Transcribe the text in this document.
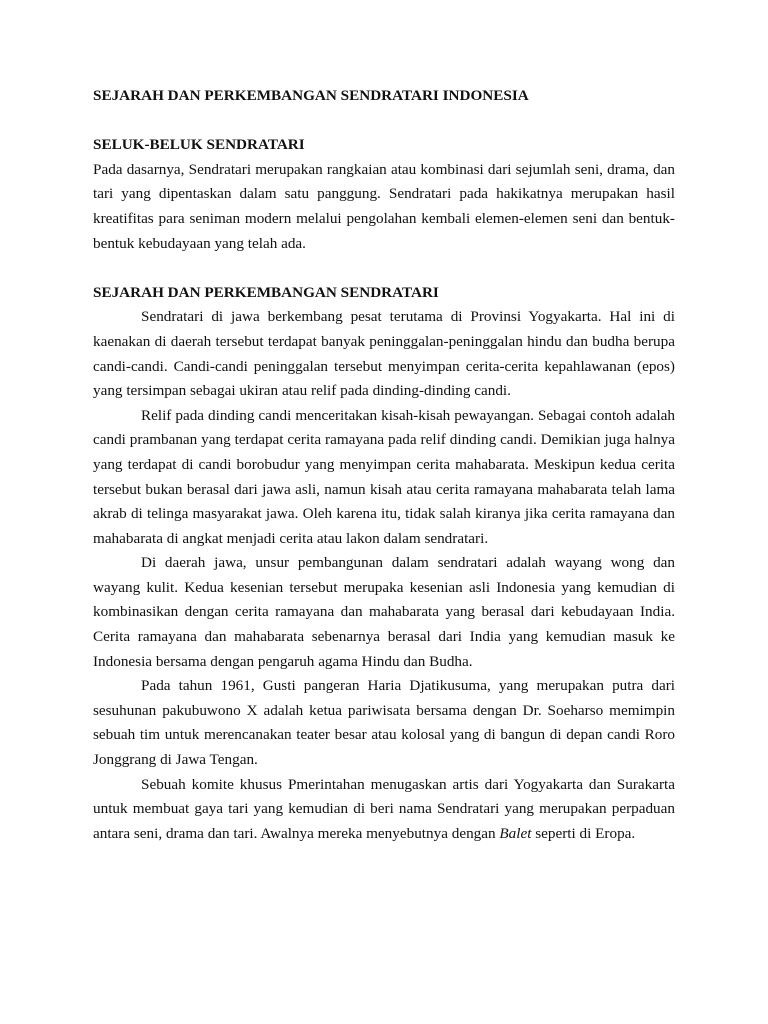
SEJARAH DAN PERKEMBANGAN SENDRATARI INDONESIA

SELUK-BELUK SENDRATARI

Pada dasarnya, Sendratari merupakan rangkaian atau kombinasi dari sejumlah seni, drama, dan tari yang dipentaskan dalam satu panggung. Sendratari pada hakikatnya merupakan hasil kreatifitas para seniman modern melalui pengolahan kembali elemen-elemen seni dan bentuk-bentuk kebudayaan yang telah ada.

SEJARAH DAN PERKEMBANGAN SENDRATARI

Sendratari di jawa berkembang pesat terutama di Provinsi Yogyakarta. Hal ini di kaenakan di daerah tersebut terdapat banyak peninggalan-peninggalan hindu dan budha berupa candi-candi. Candi-candi peninggalan tersebut menyimpan cerita-cerita kepahlawanan (epos) yang tersimpan sebagai ukiran atau relif pada dinding-dinding candi.

Relif pada dinding candi menceritakan kisah-kisah pewayangan. Sebagai contoh adalah candi prambanan yang terdapat cerita ramayana pada relif dinding candi. Demikian juga halnya yang terdapat di candi borobudur yang menyimpan cerita mahabarata. Meskipun kedua cerita tersebut bukan berasal dari jawa asli, namun kisah atau cerita ramayana mahabarata telah lama akrab di telinga masyarakat jawa. Oleh karena itu, tidak salah kiranya jika cerita ramayana dan mahabarata di angkat menjadi cerita atau lakon dalam sendratari.

Di daerah jawa, unsur pembangunan dalam sendratari adalah wayang wong dan wayang kulit. Kedua kesenian tersebut merupaka kesenian asli Indonesia yang kemudian di kombinasikan dengan cerita ramayana dan mahabarata yang berasal dari kebudayaan India. Cerita ramayana dan mahabarata sebenarnya berasal dari India yang kemudian masuk ke Indonesia bersama dengan pengaruh agama Hindu dan Budha.

Pada tahun 1961, Gusti pangeran Haria Djatikusuma, yang merupakan putra dari sesuhunan pakubuwono X adalah ketua pariwisata bersama dengan Dr. Soeharso memimpin sebuah tim untuk merencanakan teater besar atau kolosal yang di bangun di depan candi Roro Jonggrang di Jawa Tengan.

Sebuah komite khusus Pmerintahan menugaskan artis dari Yogyakarta dan Surakarta untuk membuat gaya tari yang kemudian di beri nama Sendratari yang merupakan perpaduan antara seni, drama dan tari. Awalnya mereka menyebutnya dengan Balet seperti di Eropa.
